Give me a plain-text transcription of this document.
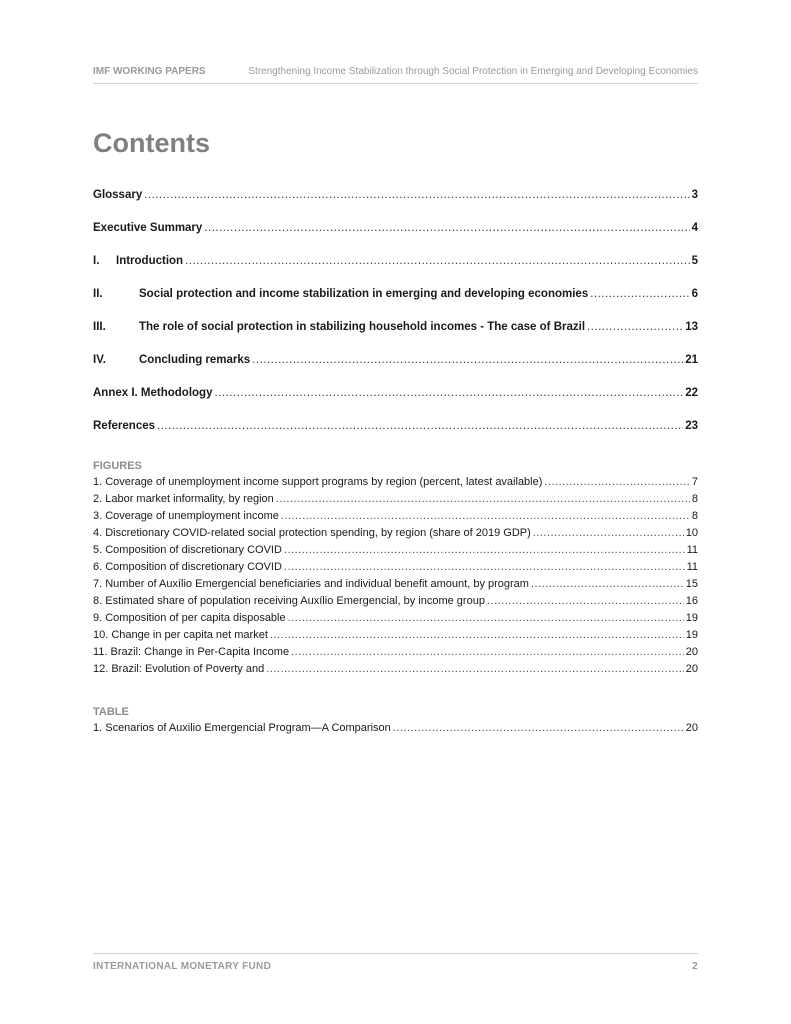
IMF WORKING PAPERS	Strengthening Income Stabilization through Social Protection in Emerging and Developing Economies
Contents
Glossary .....	3
Executive Summary .....	4
I.	Introduction .....	5
II.	Social protection and income stabilization in emerging and developing economies .....	6
III.	The role of social protection in stabilizing household incomes - The case of Brazil .....	13
IV.	Concluding remarks .....	21
Annex I. Methodology .....	22
References .....	23
FIGURES
1. Coverage of unemployment income support programs by region (percent, latest available) .....	7
2. Labor market informality, by region .....	8
3. Coverage of unemployment income .....	8
4. Discretionary COVID-related social protection spending, by region (share of 2019 GDP) .....	10
5. Composition of discretionary COVID .....	11
6. Composition of discretionary COVID .....	11
7. Number of Auxílio Emergencial beneficiaries and individual benefit amount, by program .....	15
8. Estimated share of population receiving Auxílio Emergencial, by income group .....	16
9. Composition of per capita disposable .....	19
10. Change in per capita net market .....	19
11. Brazil: Change in Per-Capita Income .....	20
12. Brazil: Evolution of Poverty and .....	20
TABLE
1. Scenarios of Auxilio Emergencial Program—A Comparison .....	20
INTERNATIONAL MONETARY FUND	2
